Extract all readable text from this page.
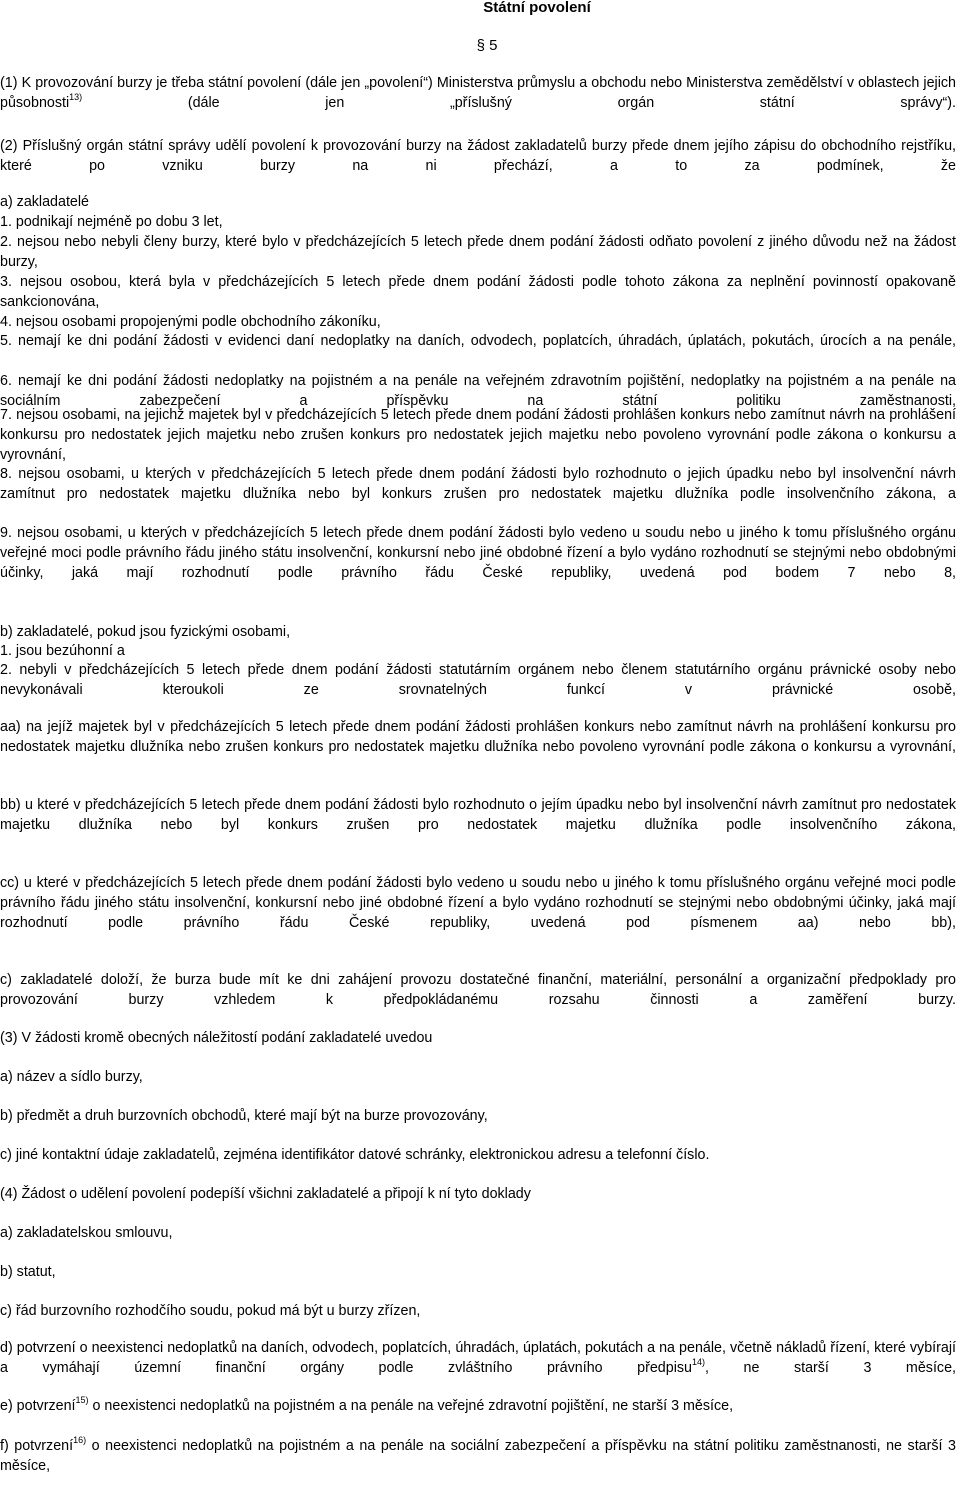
Státní povolení
§ 5
(1) K provozování burzy je třeba státní povolení (dále jen „povolení“) Ministerstva průmyslu a obchodu nebo Ministerstva zemědělství v oblastech jejich působnosti$^{13)}$ (dále jen „příslušný orgán státní správy“).
(2) Příslušný orgán státní správy udělí povolení k provozování burzy na žádost zakladatelů burzy přede dnem jejího zápisu do obchodního rejstříku, které po vzniku burzy na ni přechází, a to za podmínek, že
a) zakladatelé
1. podnikají nejméně po dobu 3 let,
2. nejsou nebo nebyli členy burzy, které bylo v předcházejících 5 letech přede dnem podání žádosti odňato povolení z jiného důvodu než na žádost burzy,
3. nejsou osobou, která byla v předcházejících 5 letech přede dnem podání žádosti podle tohoto zákona za neplnění povinností opakovaně sankcionována,
4. nejsou osobami propojenými podle obchodního zákoníku,
5. nemají ke dni podání žádosti v evidenci daní nedoplatky na daních, odvodech, poplatcích, úhradách, úplatách, pokutách, úrocích a na penále,
6. nemají ke dni podání žádosti nedoplatky na pojistném a na penále na veřejném zdravotním pojištění, nedoplatky na pojistném a na penále na sociálním zabezpečení a příspěvku na státní politiku zaměstnanosti,
7. nejsou osobami, na jejichž majetek byl v předcházejících 5 letech přede dnem podání žádosti prohlášen konkurs nebo zamítnut návrh na prohlášení konkursu pro nedostatek jejich majetku nebo zrušen konkurs pro nedostatek jejich majetku nebo povoleno vyrovnání podle zákona o konkursu a vyrovnání,
8. nejsou osobami, u kterých v předcházejících 5 letech přede dnem podání žádosti bylo rozhodnuto o jejich úpadku nebo byl insolvenční návrh zamítnut pro nedostatek majetku dlužníka nebo byl konkurs zrušen pro nedostatek majetku dlužníka podle insolvenčního zákona, a
9. nejsou osobami, u kterých v předcházejících 5 letech přede dnem podání žádosti bylo vedeno u soudu nebo u jiného k tomu příslušného orgánu veřejné moci podle právního řádu jiného státu insolvenční, konkursní nebo jiné obdobné řízení a bylo vydáno rozhodnutí se stejnými nebo obdobnými účinky, jaká mají rozhodnutí podle právního řádu České republiky, uvedená pod bodem 7 nebo 8,
b) zakladatelé, pokud jsou fyzickými osobami,
1. jsou bezúhonní a
2. nebyli v předcházejících 5 letech přede dnem podání žádosti statutárním orgánem nebo členem statutárního orgánu právnické osoby nebo nevykonávali kteroukoli ze srovnatelných funkcí v právnické osobě,
aa) na jejíž majetek byl v předcházejících 5 letech přede dnem podání žádosti prohlášen konkurs nebo zamítnut návrh na prohlášení konkursu pro nedostatek majetku dlužníka nebo zrušen konkurs pro nedostatek majetku dlužníka nebo povoleno vyrovnání podle zákona o konkursu a vyrovnání,
bb) u které v předcházejících 5 letech přede dnem podání žádosti bylo rozhodnuto o jejím úpadku nebo byl insolvenční návrh zamítnut pro nedostatek majetku dlužníka nebo byl konkurs zrušen pro nedostatek majetku dlužníka podle insolvenčního zákona,
cc) u které v předcházejících 5 letech přede dnem podání žádosti bylo vedeno u soudu nebo u jiného k tomu příslušného orgánu veřejné moci podle právního řádu jiného státu insolvenční, konkursní nebo jiné obdobné řízení a bylo vydáno rozhodnutí se stejnými nebo obdobnými účinky, jaká mají rozhodnutí podle právního řádu České republiky, uvedená pod písmenem aa) nebo bb),
c) zakladatelé doloží, že burza bude mít ke dni zahájení provozu dostatečné finanční, materiální, personální a organizační předpoklady pro provozování burzy vzhledem k předpokládanému rozsahu činnosti a zaměření burzy.
(3) V žádosti kromě obecných náležitostí podání zakladatelé uvedou
a) název a sídlo burzy,
b) předmět a druh burzovních obchodů, které mají být na burze provozovány,
c) jiné kontaktní údaje zakladatelů, zejména identifikátor datové schránky, elektronickou adresu a telefonní číslo.
(4) Žádost o udělení povolení podepíší všichni zakladatelé a připojí k ní tyto doklady
a) zakladatelskou smlouvu,
b) statut,
c) řád burzovního rozhodčího soudu, pokud má být u burzy zřízen,
d) potvrzení o neexistenci nedoplatků na daních, odvodech, poplatcích, úhradách, úplatách, pokutách a na penále, včetně nákladů řízení, které vybírají a vymáhají územní finanční orgány podle zvláštního právního předpisu$^{14)}$, ne starší 3 měsíce,
e) potvrzení$^{15)}$ o neexistenci nedoplatků na pojistném a na penále na veřejné zdravotní pojištění, ne starší 3 měsíce,
f) potvrzení$^{16)}$ o neexistenci nedoplatků na pojistném a na penále na sociální zabezpečení a příspěvku na státní politiku zaměstnanosti, ne starší 3 měsíce,
